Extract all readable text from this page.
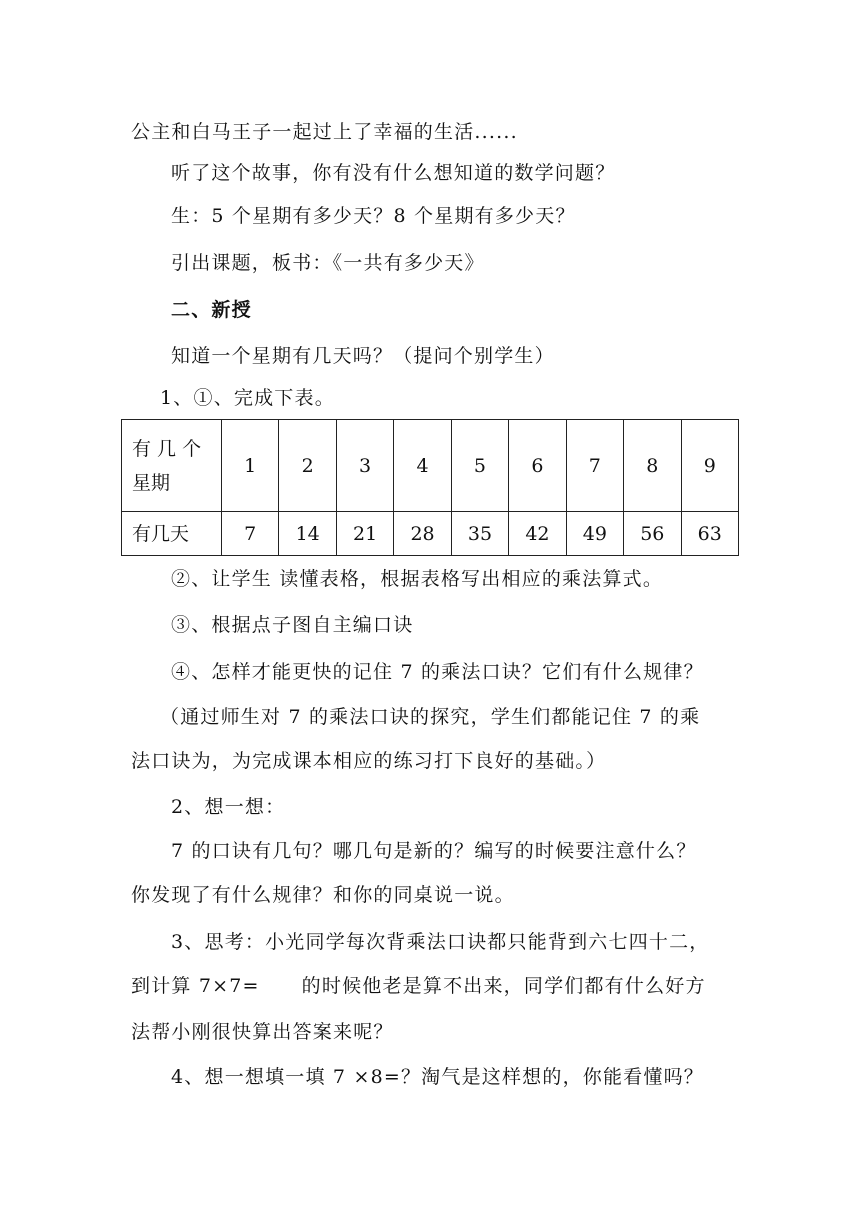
公主和白马王子一起过上了幸福的生活......
听了这个故事，你有没有什么想知道的数学问题？
生：5 个星期有多少天？8 个星期有多少天？
引出课题，板书：《一共有多少天》
二、新授
知道一个星期有几天吗？（提问个别学生）
1、①、完成下表。
有 几 个
星期	1	2	3	4	5	6	7	8	9
有几天	7	14	21	28	35	42	49	56	63
②、让学生 读懂表格，根据表格写出相应的乘法算式。
③、根据点子图自主编口诀
④、怎样才能更快的记住 7 的乘法口诀？它们有什么规律？
（通过师生对 7 的乘法口诀的探究，学生们都能记住 7 的乘
法口诀为，为完成课本相应的练习打下良好的基础。）
2、想一想：
7 的口诀有几句？哪几句是新的？编写的时候要注意什么？
你发现了有什么规律？和你的同桌说一说。
3、思考：小光同学每次背乘法口诀都只能背到六七四十二，
到计算 7×7= 的时候他老是算不出来，同学们都有什么好方
法帮小刚很快算出答案来呢？
4、想一想填一填 7 ×8=？淘气是这样想的，你能看懂吗？
